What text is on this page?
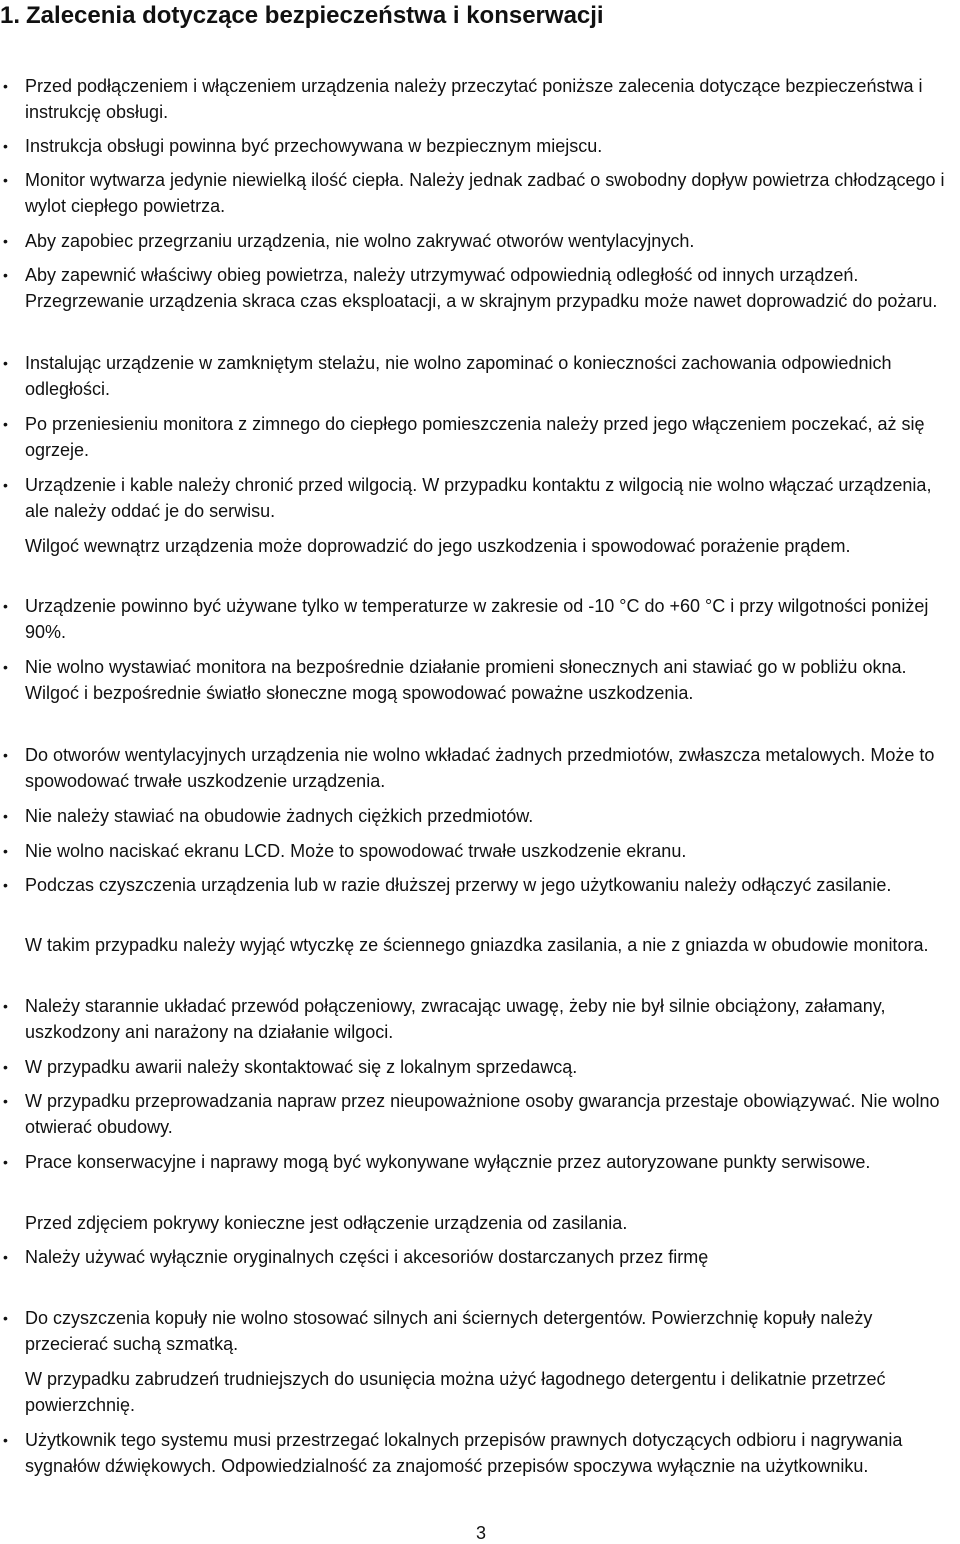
1. Zalecenia dotyczące bezpieczeństwa i konserwacji

• Przed podłączeniem i włączeniem urządzenia należy przeczytać poniższe zalecenia dotyczące bezpieczeństwa i instrukcję obsługi.

• Instrukcja obsługi powinna być przechowywana w bezpiecznym miejscu.

• Monitor wytwarza jedynie niewielką ilość ciepła. Należy jednak zadbać o swobodny dopływ powietrza chłodzącego i wylot ciepłego powietrza.

• Aby zapobiec przegrzaniu urządzenia, nie wolno zakrywać otworów wentylacyjnych.

• Aby zapewnić właściwy obieg powietrza, należy utrzymywać odpowiednią odległość od innych urządzeń. Przegrzewanie urządzenia skraca czas eksploatacji, a w skrajnym przypadku może nawet doprowadzić do pożaru.

• Instalując urządzenie w zamkniętym stelażu, nie wolno zapominać o konieczności zachowania odpowiednich odległości.

• Po przeniesieniu monitora z zimnego do ciepłego pomieszczenia należy przed jego włączeniem poczekać, aż się ogrzeje.

• Urządzenie i kable należy chronić przed wilgocią. W przypadku kontaktu z wilgocią nie wolno włączać urządzenia, ale należy oddać je do serwisu.

Wilgoć wewnątrz urządzenia może doprowadzić do jego uszkodzenia i spowodować porażenie prądem.

• Urządzenie powinno być używane tylko w temperaturze w zakresie od -10 °C do +60 °C i przy wilgotności poniżej 90%.

• Nie wolno wystawiać monitora na bezpośrednie działanie promieni słonecznych ani stawiać go w pobliżu okna. Wilgoć i bezpośrednie światło słoneczne mogą spowodować poważne uszkodzenia.

• Do otworów wentylacyjnych urządzenia nie wolno wkładać żadnych przedmiotów, zwłaszcza metalowych. Może to spowodować trwałe uszkodzenie urządzenia.

• Nie należy stawiać na obudowie żadnych ciężkich przedmiotów.

• Nie wolno naciskać ekranu LCD. Może to spowodować trwałe uszkodzenie ekranu.

• Podczas czyszczenia urządzenia lub w razie dłuższej przerwy w jego użytkowaniu należy odłączyć zasilanie.

W takim przypadku należy wyjąć wtyczkę ze ściennego gniazdka zasilania, a nie z gniazda w obudowie monitora.

• Należy starannie układać przewód połączeniowy, zwracając uwagę, żeby nie był silnie obciążony, załamany, uszkodzony ani narażony na działanie wilgoci.

• W przypadku awarii należy skontaktować się z lokalnym sprzedawcą.

• W przypadku przeprowadzania napraw przez nieupoważnione osoby gwarancja przestaje obowiązywać. Nie wolno otwierać obudowy.

• Prace konserwacyjne i naprawy mogą być wykonywane wyłącznie przez autoryzowane punkty serwisowe.

Przed zdjęciem pokrywy konieczne jest odłączenie urządzenia od zasilania.

• Należy używać wyłącznie oryginalnych części i akcesoriów dostarczanych przez firmę

• Do czyszczenia kopuły nie wolno stosować silnych ani ściernych detergentów. Powierzchnię kopuły należy przecierać suchą szmatką.

W przypadku zabrudzeń trudniejszych do usunięcia można użyć łagodnego detergentu i delikatnie przetrzeć powierzchnię.

• Użytkownik tego systemu musi przestrzegać lokalnych przepisów prawnych dotyczących odbioru i nagrywania sygnałów dźwiękowych. Odpowiedzialność za znajomość przepisów spoczywa wyłącznie na użytkowniku.

3
